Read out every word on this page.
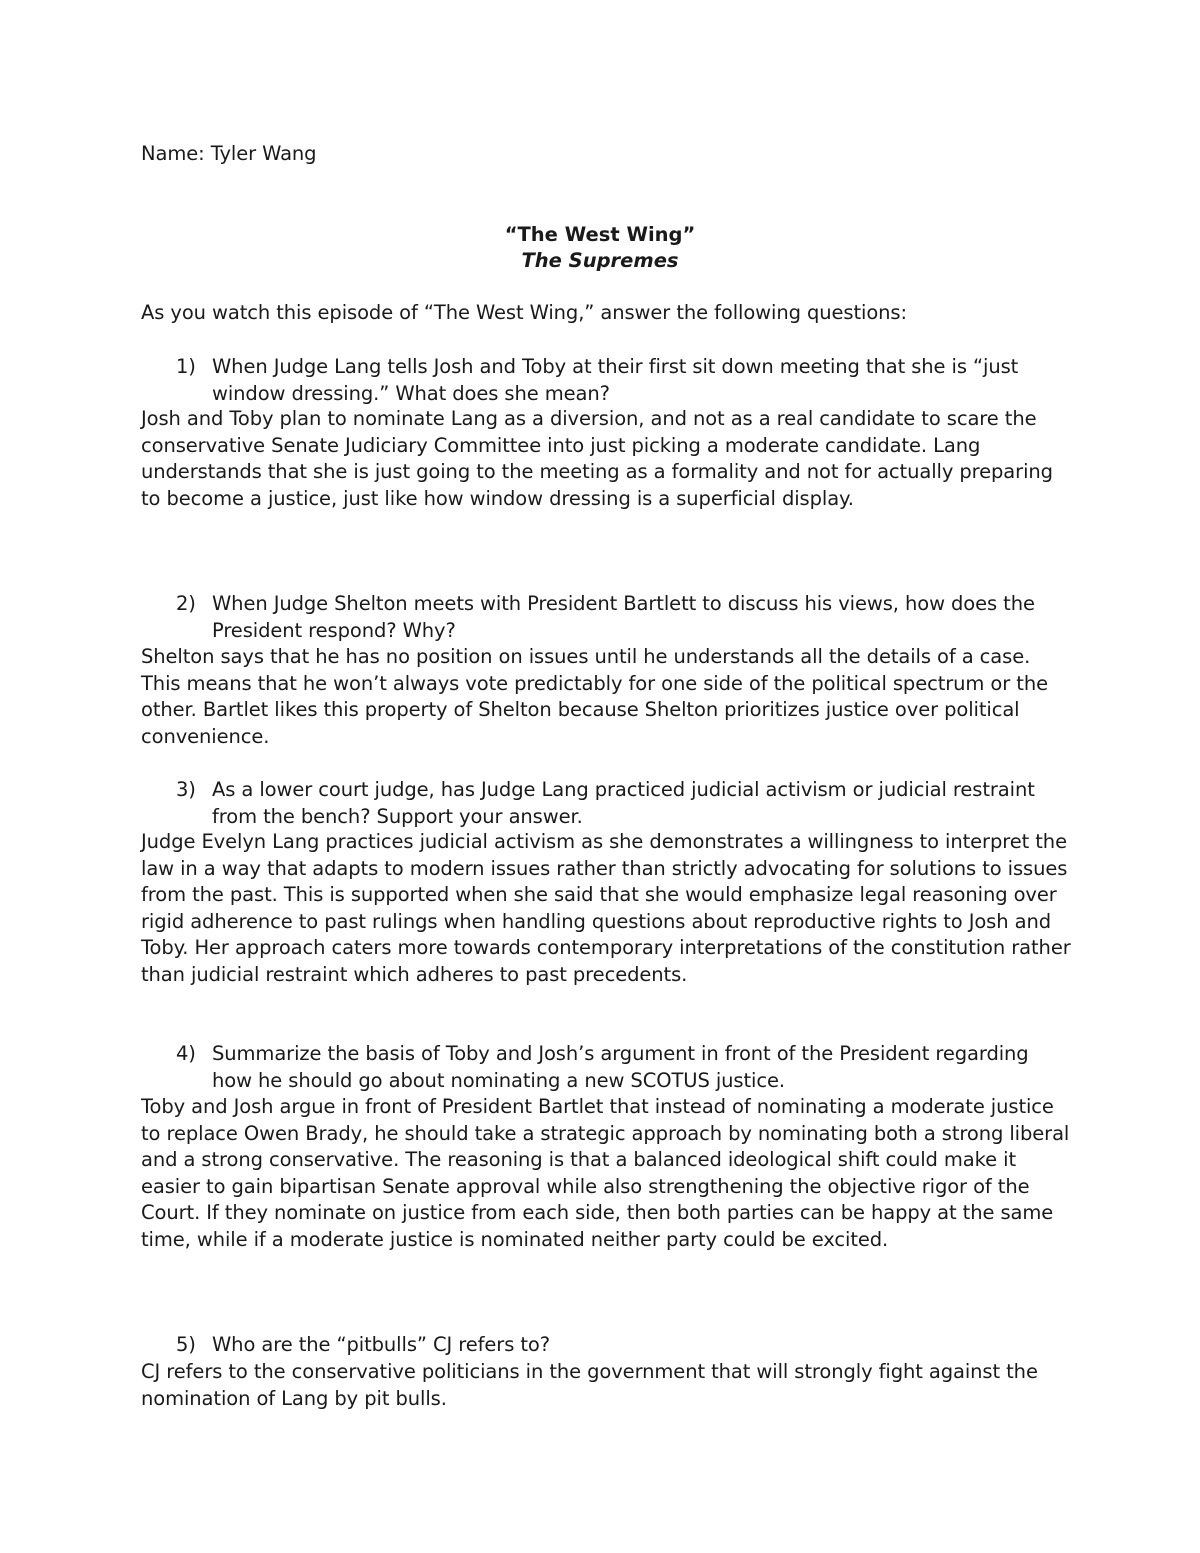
Name: Tyler Wang
“The West Wing”
The Supremes
As you watch this episode of “The West Wing,” answer the following questions:
1) When Judge Lang tells Josh and Toby at their first sit down meeting that she is “just window dressing.” What does she mean?
Josh and Toby plan to nominate Lang as a diversion, and not as a real candidate to scare the conservative Senate Judiciary Committee into just picking a moderate candidate. Lang understands that she is just going to the meeting as a formality and not for actually preparing to become a justice, just like how window dressing is a superficial display.
2) When Judge Shelton meets with President Bartlett to discuss his views, how does the President respond? Why?
Shelton says that he has no position on issues until he understands all the details of a case. This means that he won’t always vote predictably for one side of the political spectrum or the other. Bartlet likes this property of Shelton because Shelton prioritizes justice over political convenience.
3) As a lower court judge, has Judge Lang practiced judicial activism or judicial restraint from the bench? Support your answer.
Judge Evelyn Lang practices judicial activism as she demonstrates a willingness to interpret the law in a way that adapts to modern issues rather than strictly advocating for solutions to issues from the past. This is supported when she said that she would emphasize legal reasoning over rigid adherence to past rulings when handling questions about reproductive rights to Josh and Toby. Her approach caters more towards contemporary interpretations of the constitution rather than judicial restraint which adheres to past precedents.
4) Summarize the basis of Toby and Josh’s argument in front of the President regarding how he should go about nominating a new SCOTUS justice.
Toby and Josh argue in front of President Bartlet that instead of nominating a moderate justice to replace Owen Brady, he should take a strategic approach by nominating both a strong liberal and a strong conservative. The reasoning is that a balanced ideological shift could make it easier to gain bipartisan Senate approval while also strengthening the objective rigor of the Court. If they nominate on justice from each side, then both parties can be happy at the same time, while if a moderate justice is nominated neither party could be excited.
5) Who are the “pitbulls” CJ refers to?
CJ refers to the conservative politicians in the government that will strongly fight against the nomination of Lang by pit bulls.
